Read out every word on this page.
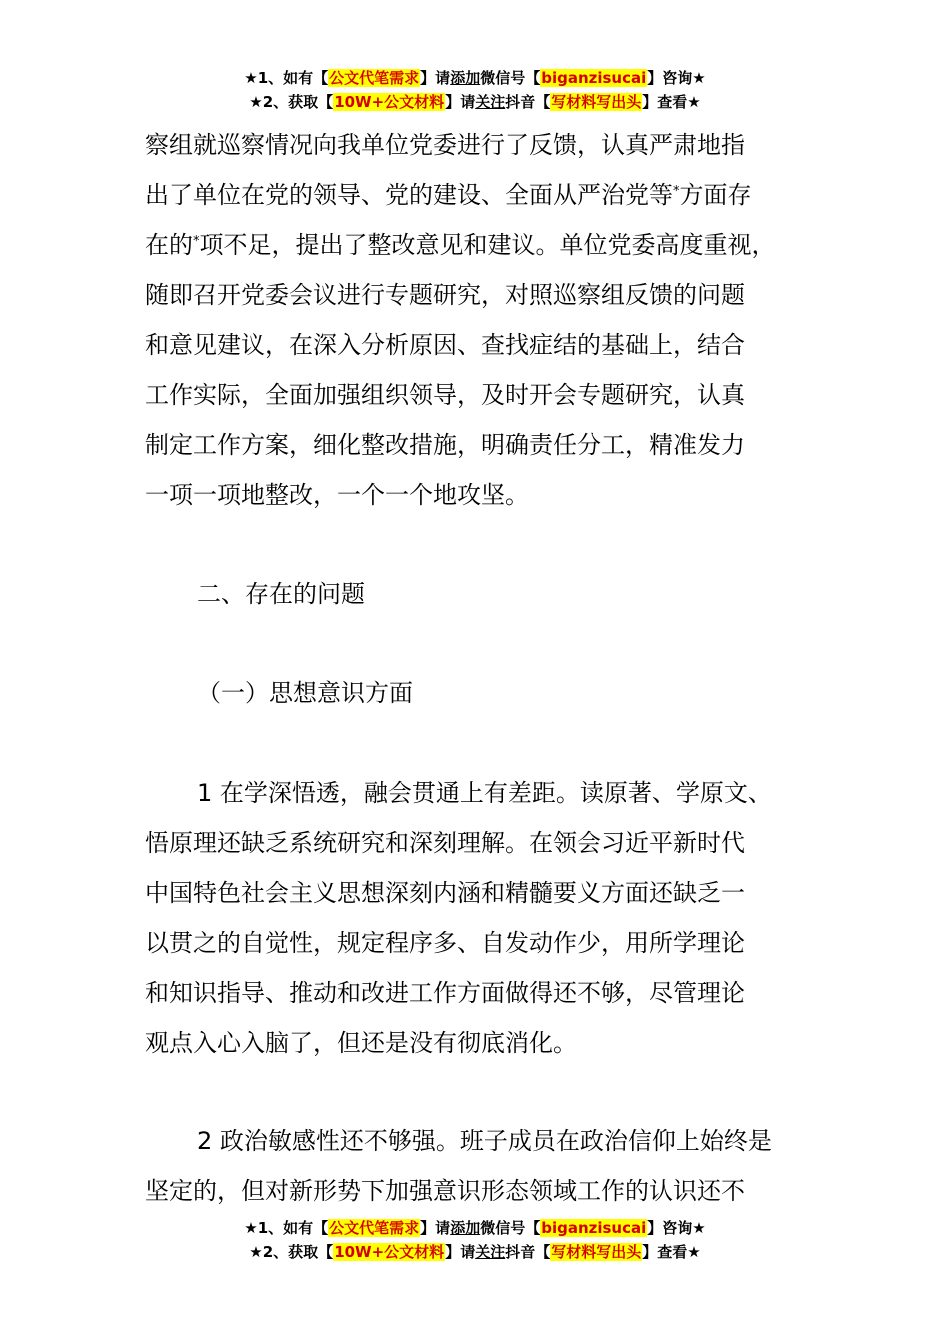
★1、如有【公文代笔需求】请添加微信号【biganzisucai】咨询★
★2、获取【10W+公文材料】请关注抖音【写材料写出头】查看★

察组就巡察情况向我单位党委进行了反馈，认真严肃地指

出了单位在党的领导、党的建设、全面从严治党等*方面存

在的*项不足，提出了整改意见和建议。单位党委高度重视，

随即召开党委会议进行专题研究，对照巡察组反馈的问题

和意见建议，在深入分析原因、查找症结的基础上，结合

工作实际，全面加强组织领导，及时开会专题研究，认真

制定工作方案，细化整改措施，明确责任分工，精准发力

一项一项地整改，一个一个地攻坚。

二、存在的问题

（一）思想意识方面

1 在学深悟透，融会贯通上有差距。读原著、学原文、

悟原理还缺乏系统研究和深刻理解。在领会习近平新时代

中国特色社会主义思想深刻内涵和精髓要义方面还缺乏一

以贯之的自觉性，规定程序多、自发动作少，用所学理论

和知识指导、推动和改进工作方面做得还不够，尽管理论

观点入心入脑了，但还是没有彻底消化。

2 政治敏感性还不够强。班子成员在政治信仰上始终是

坚定的，但对新形势下加强意识形态领域工作的认识还不

★1、如有【公文代笔需求】请添加微信号【biganzisucai】咨询★
★2、获取【10W+公文材料】请关注抖音【写材料写出头】查看★
